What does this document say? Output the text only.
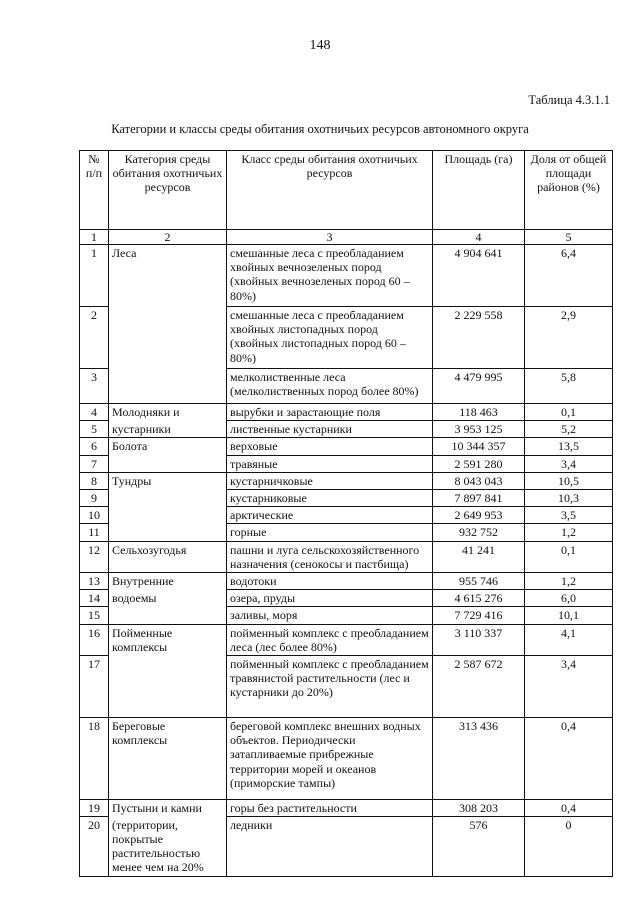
148
Таблица 4.3.1.1
Категории и классы среды обитания охотничьих ресурсов автономного округа
№ п/п	Категория среды обитания охотничьих ресурсов	Класс среды обитания охотничьих ресурсов	Площадь (га)	Доля от общей площади районов (%)
1	2	3	4	5
1	Леса	смешанные леса с преобладанием хвойных вечнозеленых пород (хвойных вечнозеленых пород 60 – 80%)	4 904 641	6,4
2		смешанные леса с преобладанием хвойных листопадных пород (хвойных листопадных пород 60 – 80%)	2 229 558	2,9
3		мелколиственные леса (мелколиственных пород более 80%)	4 479 995	5,8
4	Молодняки и	вырубки и зарастающие поля	118 463	0,1
5	кустарники	лиственные кустарники	3 953 125	5,2
6	Болота	верховые	10 344 357	13,5
7		травяные	2 591 280	3,4
8	Тундры	кустарничковые	8 043 043	10,5
9		кустарниковые	7 897 841	10,3
10		арктические	2 649 953	3,5
11		горные	932 752	1,2
12	Сельхозугодья	пашни и луга сельскохозяйственного назначения (сенокосы и пастбища)	41 241	0,1
13	Внутренние	водотоки	955 746	1,2
14	водоемы	озера, пруды	4 615 276	6,0
15		заливы, моря	7 729 416	10,1
16	Пойменные комплексы	пойменный комплекс с преобладанием леса (лес более 80%)	3 110 337	4,1
17		пойменный комплекс с преобладанием травянистой растительности (лес и кустарники до 20%)	2 587 672	3,4
18	Береговые комплексы	береговой комплекс внешних водных объектов. Периодически затапливаемые прибрежные территории морей и океанов (приморские тампы)	313 436	0,4
19	Пустыни и камни	горы без растительности	308 203	0,4
20	(территории, покрытые растительностью менее чем на 20%	ледники	576	0
